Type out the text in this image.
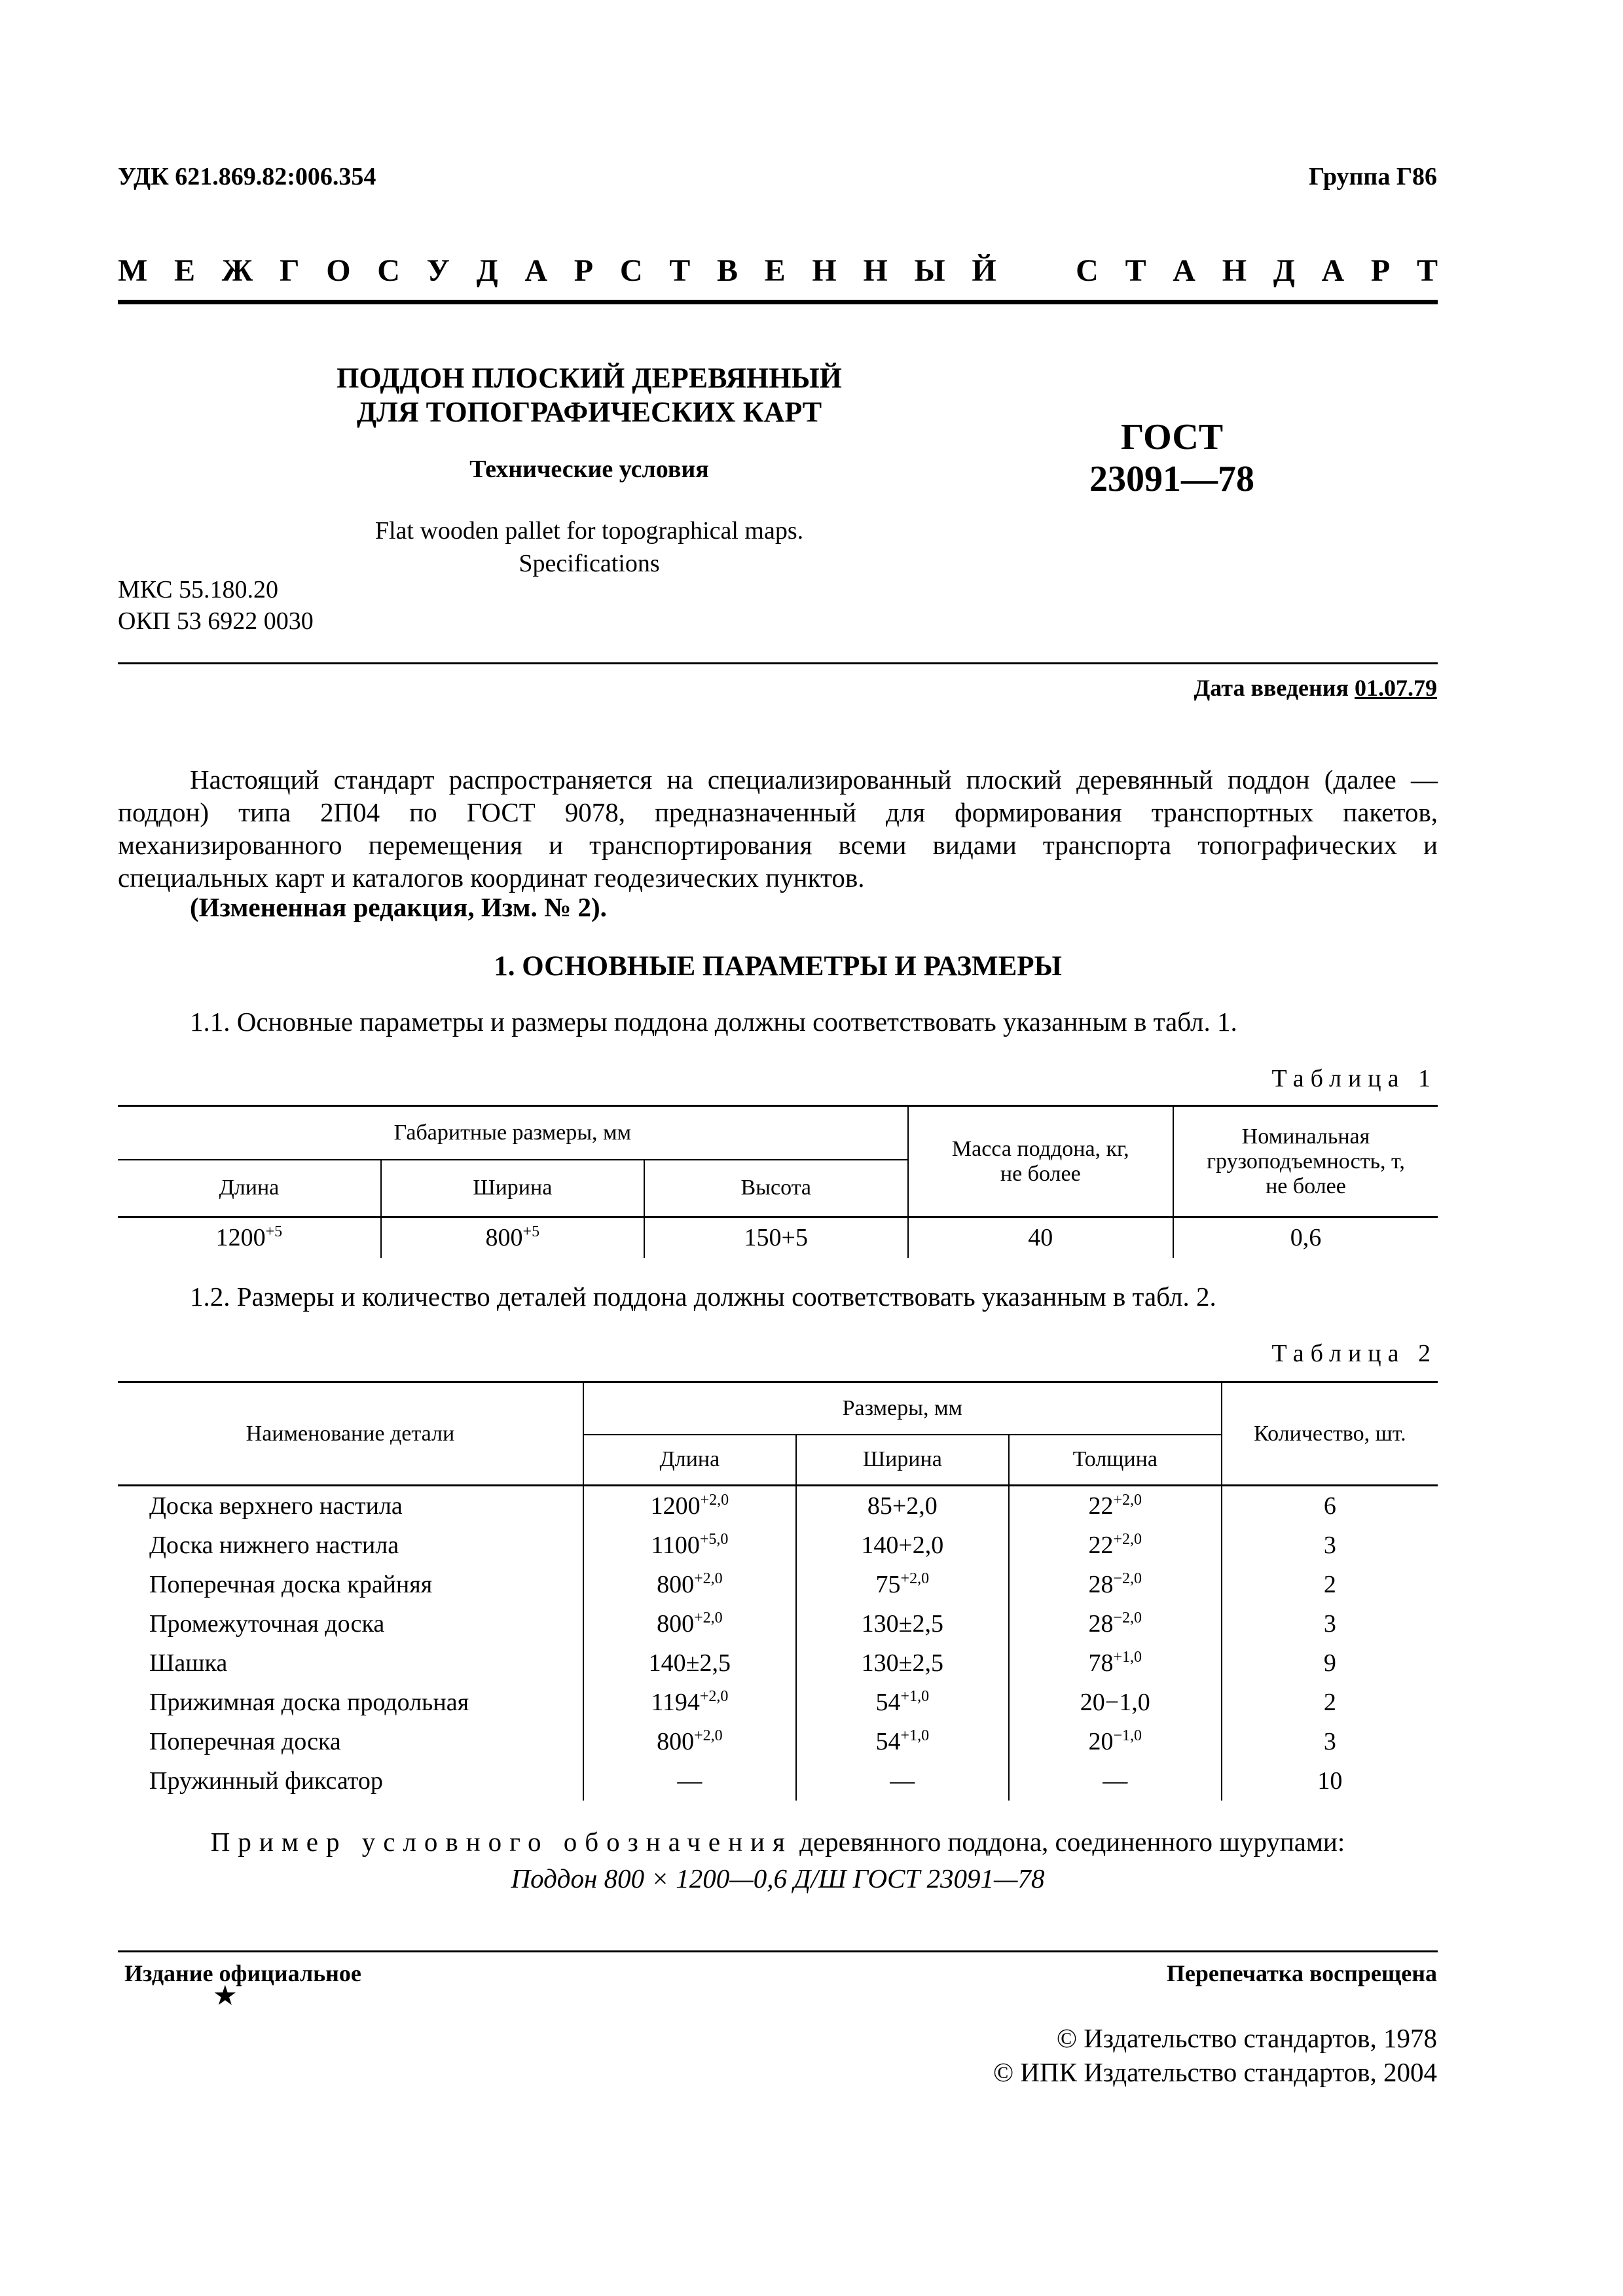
УДК 621.869.82:006.354	Группа Г86
М Е Ж Г О С У Д А Р С Т В Е Н Н Ы Й	С Т А Н Д А Р Т
ПОДДОН ПЛОСКИЙ ДЕРЕВЯННЫЙ
ДЛЯ ТОПОГРАФИЧЕСКИХ КАРТ
Технические условия
Flat wooden pallet for topographical maps.
Specifications
ГОСТ
23091—78
МКС 55.180.20
ОКП 53 6922 0030
Дата введения 01.07.79

Настоящий стандарт распространяется на специализированный плоский деревянный поддон (далее — поддон) типа 2П04 по ГОСТ 9078, предназначенный для формирования транспортных пакетов, механизированного перемещения и транспортирования всеми видами транспорта топографических и специальных карт и каталогов координат геодезических пунктов.

(Измененная редакция, Изм. № 2).
1. ОСНОВНЫЕ ПАРАМЕТРЫ И РАЗМЕРЫ
1.1. Основные параметры и размеры поддона должны соответствовать указанным в табл. 1.
Таблица 1
Габаритные размеры, мм			Масса поддона, кг, не более	Номинальная
грузоподъемность, т,
не более

Длина	Ширина	Высота		
$1200^{+5}$	$800^{+5}$	150+5	40	0,6
1.2. Размеры и количество деталей поддона должны соответствовать указанным в табл. 2.
Таблица 2
Наименование детали	Размеры, мм			Количество, шт.
	Длина	Ширина	Толщина	
Доска верхнего настила	$1200^{+2,0}$	85+2,0	$22^{+2,0}$	6
Доска нижнего настила	$1100^{+5,0}$	140+2,0	$22^{+2,0}$	3
Поперечная доска крайняя	$800^{+2,0}$	$75^{+2,0}$	$28^{-2,0}$	2
Промежуточная доска	$800^{+2,0}$	130±2,5	$28^{-2,0}$	3
Шашка	140±2,5	130±2,5	$78^{+1,0}$	9
Прижимная доска продольная	$1194^{+2,0}$	$54^{+1,0}$	20−1,0	2
Поперечная доска	$800^{+2,0}$	$54^{+1,0}$	$20^{-1,0}$	3
Пружинный фиксатор	—	—	—	10
Пример условного обозначения деревянного поддона, соединенного шурупами:
Поддон 800 × 1200—0,6 Д/Ш ГОСТ 23091—78
Издание официальное
★
Перепечатка воспрещена
© Издательство стандартов, 1978
© ИПК Издательство стандартов, 2004
